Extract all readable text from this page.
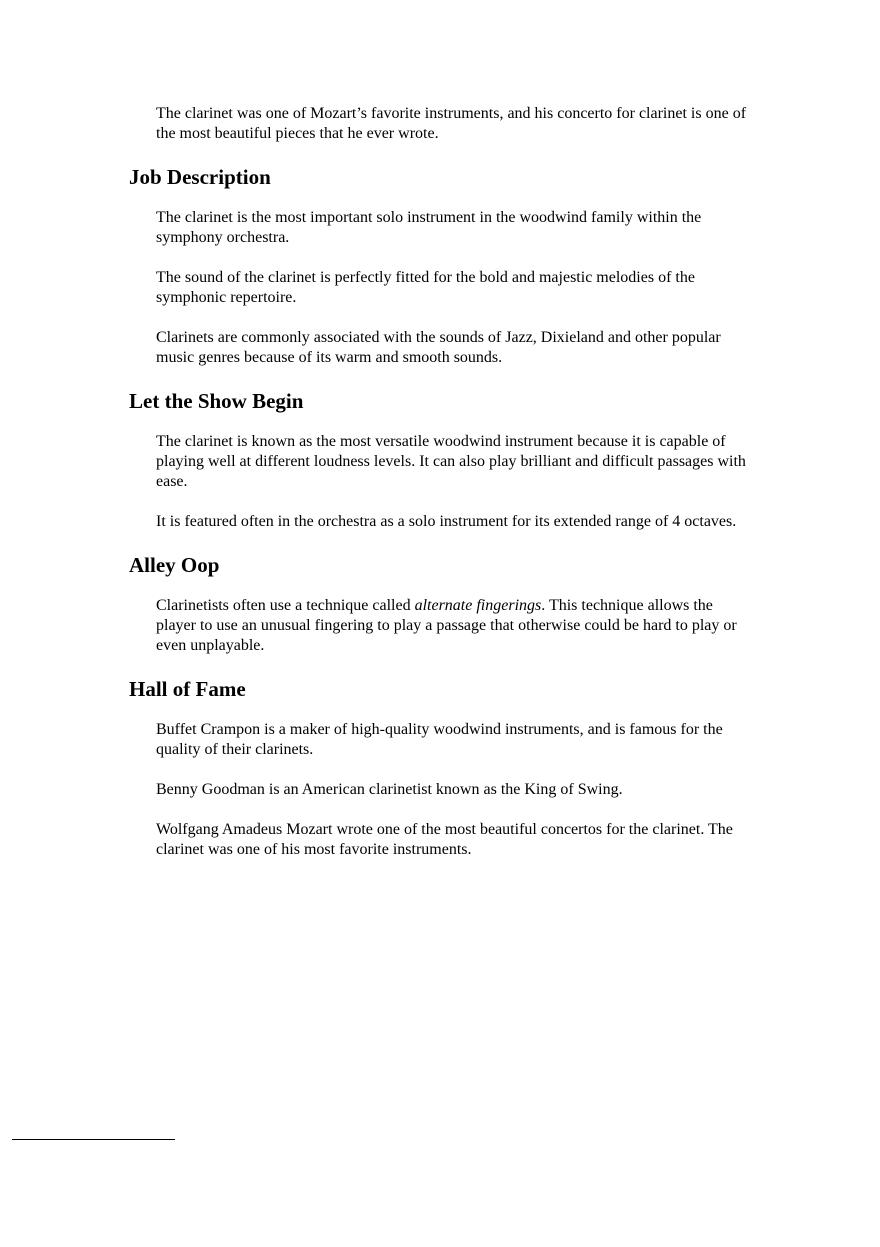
The clarinet was one of Mozart’s favorite instruments, and his concerto for clarinet is one of the most beautiful pieces that he ever wrote.

Job Description

The clarinet is the most important solo instrument in the woodwind family within the symphony orchestra.

The sound of the clarinet is perfectly fitted for the bold and majestic melodies of the symphonic repertoire.

Clarinets are commonly associated with the sounds of Jazz, Dixieland and other popular music genres because of its warm and smooth sounds.

Let the Show Begin

The clarinet is known as the most versatile woodwind instrument because it is capable of playing well at different loudness levels. It can also play brilliant and difficult passages with ease.

It is featured often in the orchestra as a solo instrument for its extended range of 4 octaves.

Alley Oop

Clarinetists often use a technique called alternate fingerings. This technique allows the player to use an unusual fingering to play a passage that otherwise could be hard to play or even unplayable.

Hall of Fame

Buffet Crampon is a maker of high-quality woodwind instruments, and is famous for the quality of their clarinets.

Benny Goodman is an American clarinetist known as the King of Swing.

Wolfgang Amadeus Mozart wrote one of the most beautiful concertos for the clarinet. The clarinet was one of his most favorite instruments.
